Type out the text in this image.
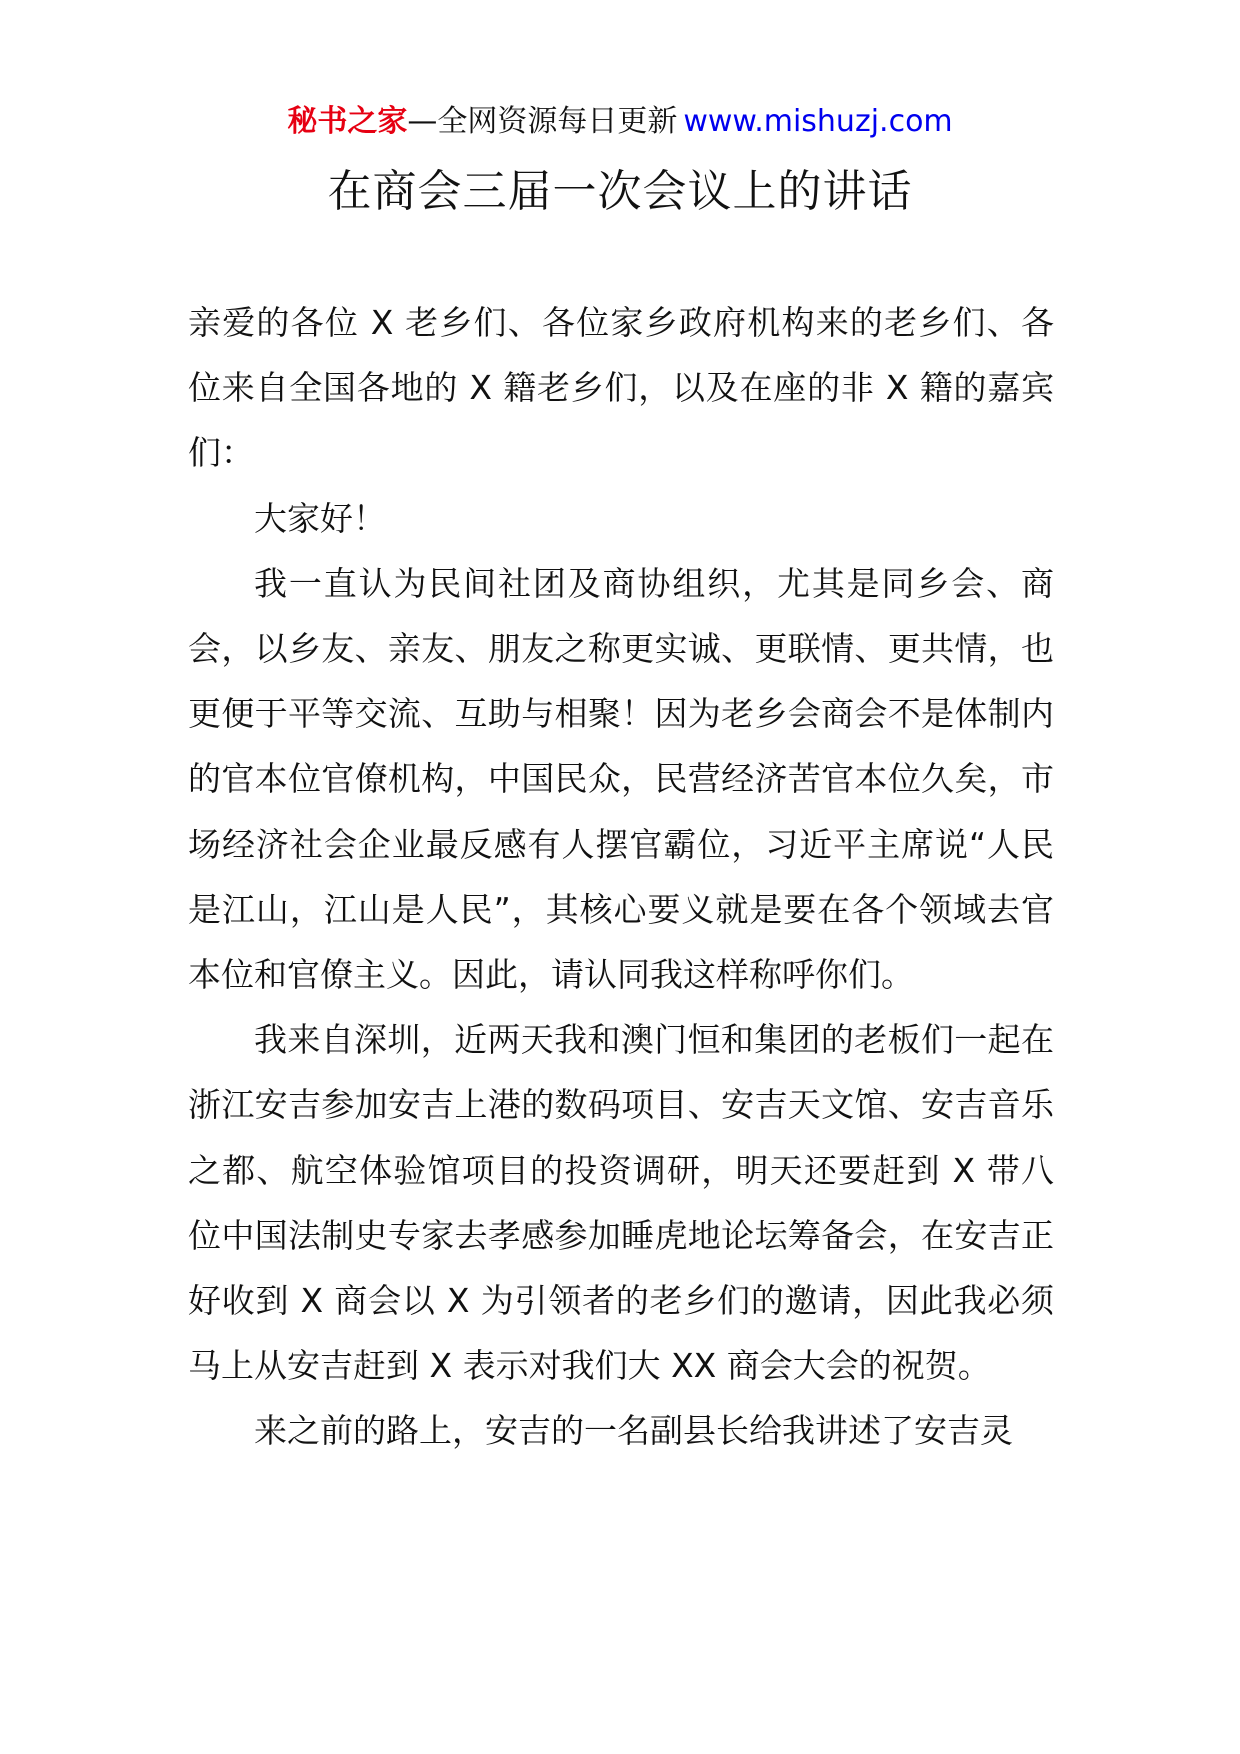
秘书之家—全网资源每日更新 www.mishuzj.com
在商会三届一次会议上的讲话

亲爱的各位 X 老乡们、各位家乡政府机构来的老乡们、各位来自全国各地的 X 籍老乡们，以及在座的非 X 籍的嘉宾们：

大家好！

我一直认为民间社团及商协组织，尤其是同乡会、商会，以乡友、亲友、朋友之称更实诚、更联情、更共情，也更便于平等交流、互助与相聚！因为老乡会商会不是体制内的官本位官僚机构，中国民众，民营经济苦官本位久矣，市场经济社会企业最反感有人摆官霸位，习近平主席说“人民是江山，江山是人民”，其核心要义就是要在各个领域去官本位和官僚主义。因此，请认同我这样称呼你们。

我来自深圳，近两天我和澳门恒和集团的老板们一起在浙江安吉参加安吉上港的数码项目、安吉天文馆、安吉音乐之都、航空体验馆项目的投资调研，明天还要赶到 X 带八位中国法制史专家去孝感参加睡虎地论坛筹备会，在安吉正好收到 X 商会以 X 为引领者的老乡们的邀请，因此我必须马上从安吉赶到 X 表示对我们大 XX 商会大会的祝贺。

来之前的路上，安吉的一名副县长给我讲述了安吉灵
